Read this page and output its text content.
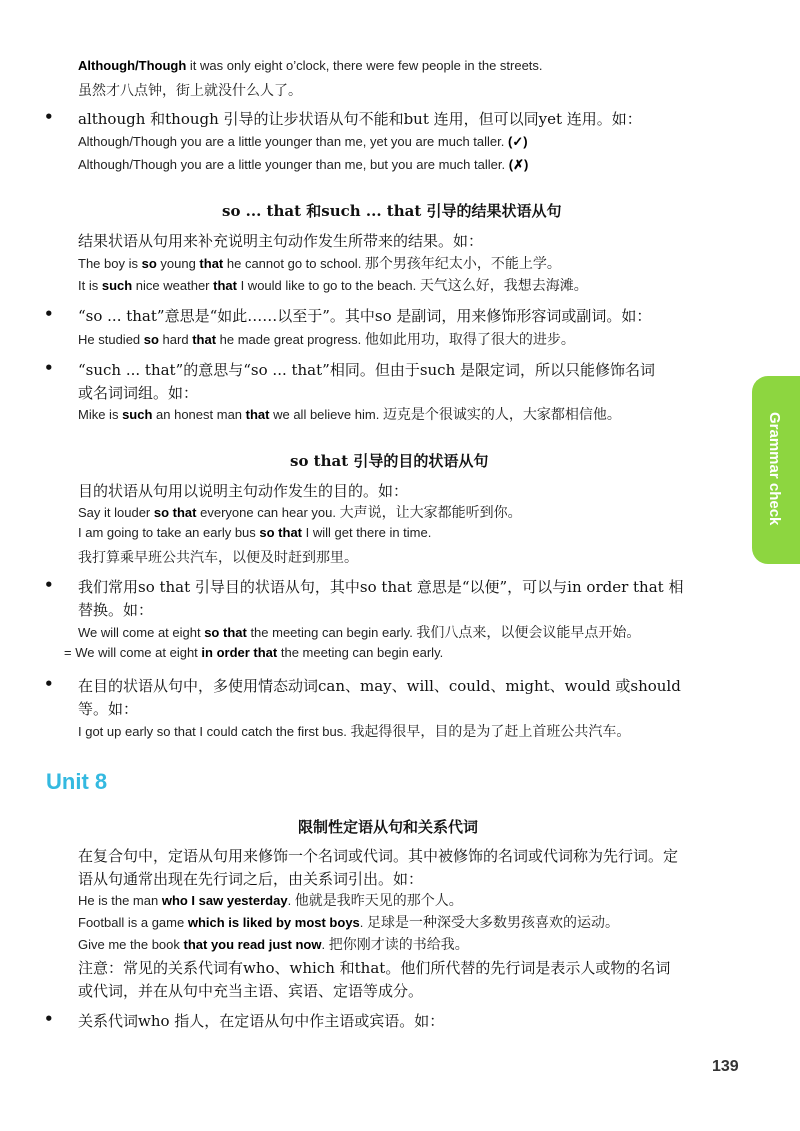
Grammar check
Although/Though it was only eight o’clock, there were few people in the streets.
虽然才八点钟，街上就没什么人了。
• although 和though 引导的让步状语从句不能和but 连用，但可以同yet 连用。如：
Although/Though you are a little younger than me, yet you are much taller. (✓)
Although/Though you are a little younger than me, but you are much taller. (✗)
so ... that 和such ... that 引导的结果状语从句
结果状语从句用来补充说明主句动作发生所带来的结果。如：
The boy is so young that he cannot go to school. 那个男孩年纪太小，不能上学。
It is such nice weather that I would like to go to the beach. 天气这么好，我想去海滩。
• “so ... that”意思是“如此……以至于”。其中so 是副词，用来修饰形容词或副词。如：
He studied so hard that he made great progress. 他如此用功，取得了很大的进步。
• “such ... that”的意思与“so ... that”相同。但由于such 是限定词，所以只能修饰名词
或名词词组。如：
Mike is such an honest man that we all believe him. 迈克是个很诚实的人，大家都相信他。
so that 引导的目的状语从句
目的状语从句用以说明主句动作发生的目的。如：
Say it louder so that everyone can hear you. 大声说，让大家都能听到你。
I am going to take an early bus so that I will get there in time.
我打算乘早班公共汽车，以便及时赶到那里。
• 我们常用so that 引导目的状语从句，其中so that 意思是“以便”，可以与in order that 相
替换。如：
We will come at eight so that the meeting can begin early. 我们八点来，以便会议能早点开始。
= We will come at eight in order that the meeting can begin early.
• 在目的状语从句中，多使用情态动词can、may、will、could、might、would 或should
等。如：
I got up early so that I could catch the first bus. 我起得很早，目的是为了赶上首班公共汽车。
Unit 8
限制性定语从句和关系代词
在复合句中，定语从句用来修饰一个名词或代词。其中被修饰的名词或代词称为先行词。定
语从句通常出现在先行词之后，由关系词引出。如：
He is the man who I saw yesterday. 他就是我昨天见的那个人。
Football is a game which is liked by most boys. 足球是一种深受大多数男孩喜欢的运动。
Give me the book that you read just now. 把你刚才读的书给我。
注意：常见的关系代词有who、which 和that。他们所代替的先行词是表示人或物的名词
或代词，并在从句中充当主语、宾语、定语等成分。
• 关系代词who 指人，在定语从句中作主语或宾语。如：
139
